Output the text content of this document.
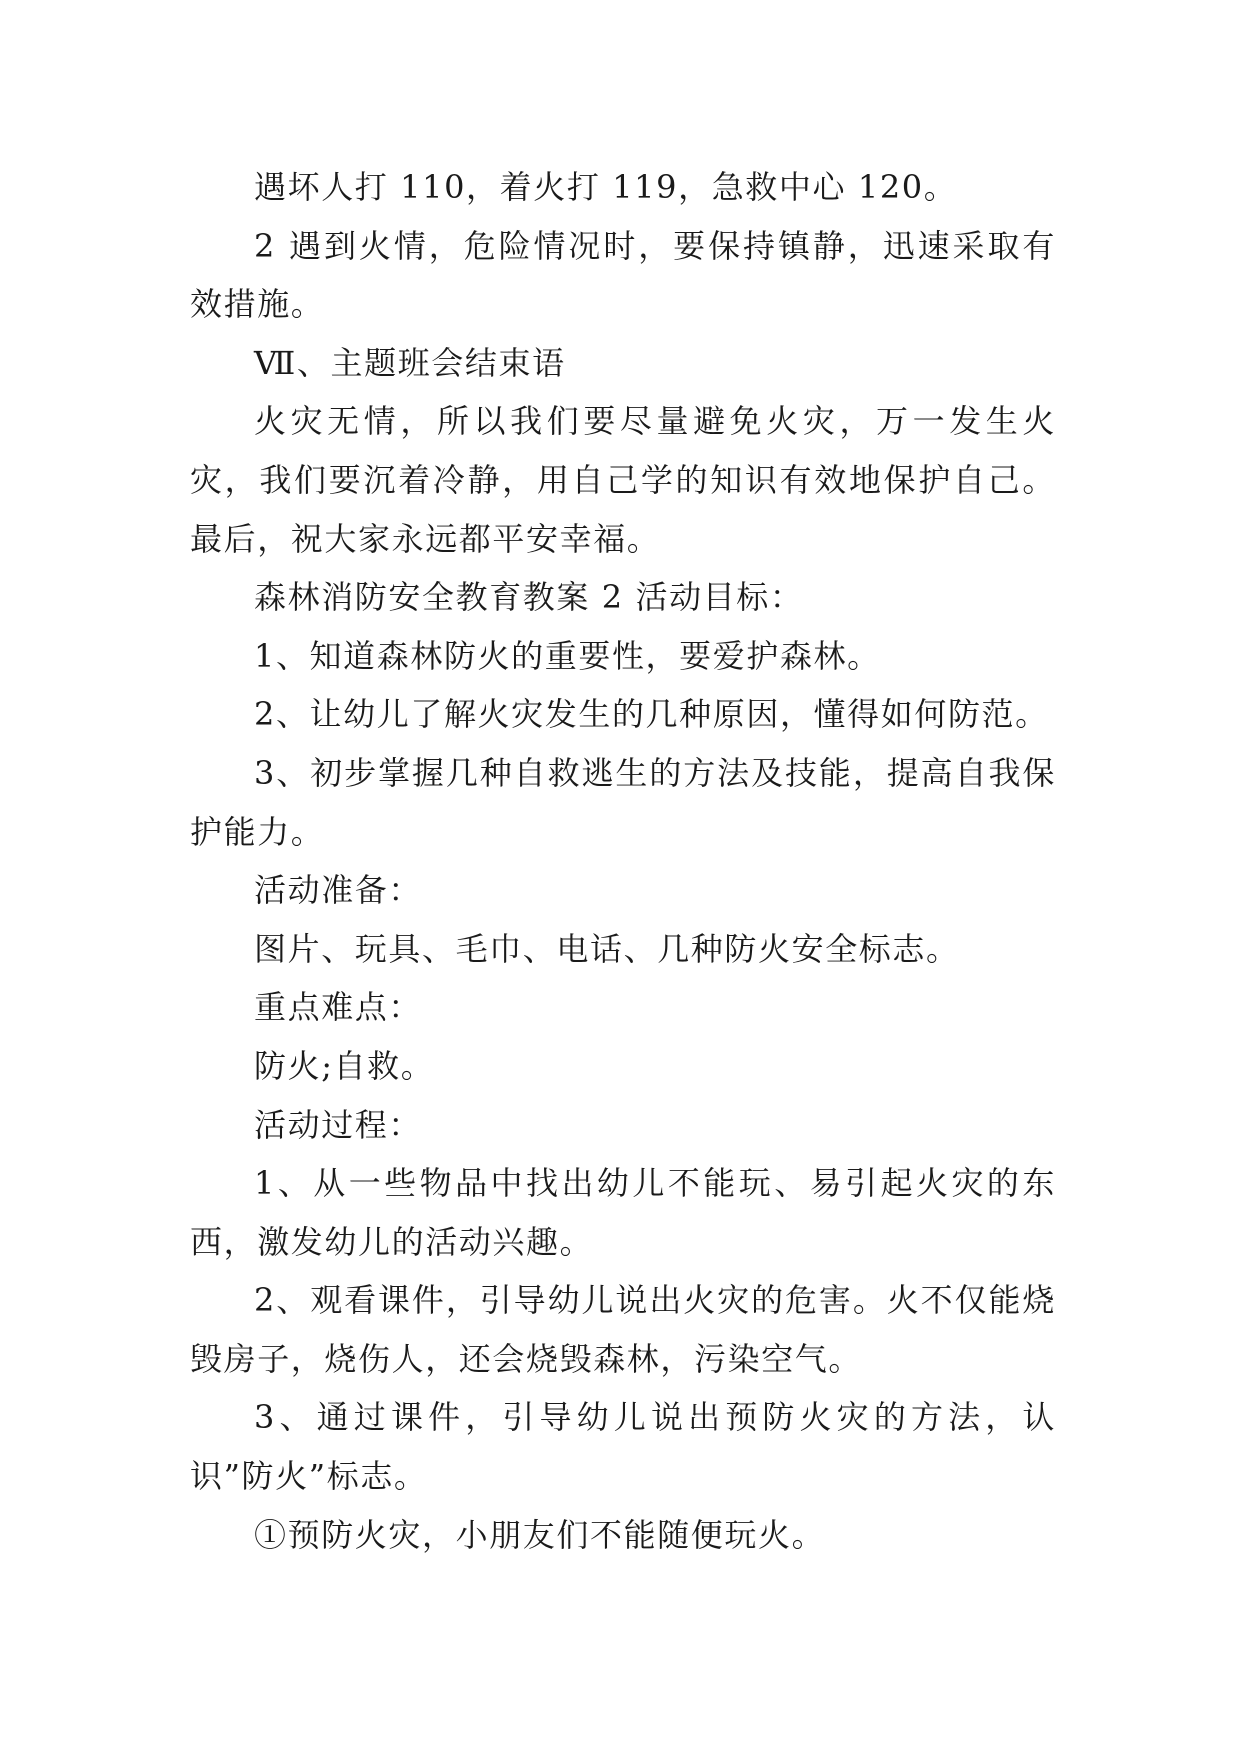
遇坏人打 110，着火打 119，急救中心 120。

2 遇到火情，危险情况时，要保持镇静，迅速采取有效措施。

Ⅶ、主题班会结束语

火灾无情，所以我们要尽量避免火灾，万一发生火灾，我们要沉着冷静，用自己学的知识有效地保护自己。最后，祝大家永远都平安幸福。

森林消防安全教育教案 2 活动目标：

1、知道森林防火的重要性，要爱护森林。

2、让幼儿了解火灾发生的几种原因，懂得如何防范。

3、初步掌握几种自救逃生的方法及技能，提高自我保护能力。

活动准备：

图片、玩具、毛巾、电话、几种防火安全标志。

重点难点：

防火;自救。

活动过程：

1、从一些物品中找出幼儿不能玩、易引起火灾的东西，激发幼儿的活动兴趣。

2、观看课件，引导幼儿说出火灾的危害。火不仅能烧毁房子，烧伤人，还会烧毁森林，污染空气。

3、通过课件，引导幼儿说出预防火灾的方法，认识”防火”标志。

①预防火灾，小朋友们不能随便玩火。
